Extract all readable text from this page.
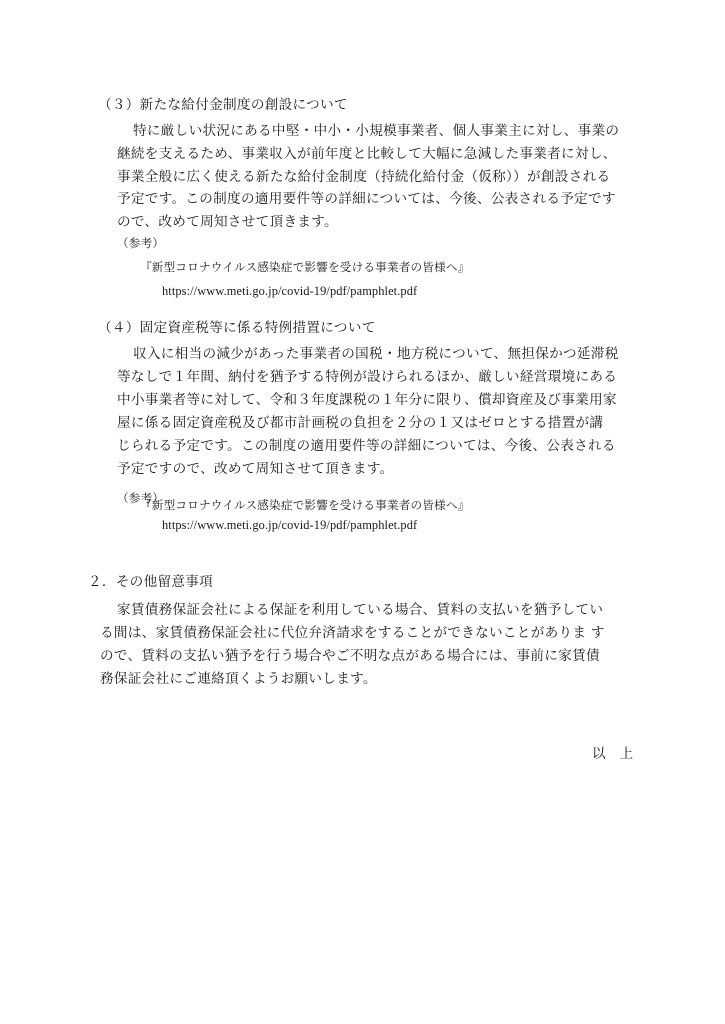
（３）新たな給付金制度の創設について

特に厳しい状況にある中堅・中小・小規模事業者、個人事業主に対し、事業の

継続を支えるため、事業収入が前年度と比較して大幅に急減した事業者に対し、

事業全般に広く使える新たな給付金制度（持続化給付金（仮称））が創設される

予定です。この制度の適用要件等の詳細については、今後、公表される予定です

ので、改めて周知させて頂きます。

（参考）

『新型コロナウイルス感染症で影響を受ける事業者の皆様へ』

https://www.meti.go.jp/covid-19/pdf/pamphlet.pdf

（４）固定資産税等に係る特例措置について

収入に相当の減少があった事業者の国税・地方税について、無担保かつ延滞税

等なしで１年間、納付を猶予する特例が設けられるほか、厳しい経営環境にある

中小事業者等に対して、令和３年度課税の１年分に限り、償却資産及び事業用家

屋に係る固定資産税及び都市計画税の負担を２分の１又はゼロとする措置が講

じられる予定です。この制度の適用要件等の詳細については、今後、公表される

予定ですので、改めて周知させて頂きます。

（参考）

『新型コロナウイルス感染症で影響を受ける事業者の皆様へ』

https://www.meti.go.jp/covid-19/pdf/pamphlet.pdf

２．その他留意事項

家賃債務保証会社による保証を利用している場合、賃料の支払いを猶予してい

る間は、家賃債務保証会社に代位弁済請求をすることができないことがありま す

ので、賃料の支払い猶予を行う場合やご不明な点がある場合には、事前に家賃債

務保証会社にご連絡頂くようお願いします。

以上
